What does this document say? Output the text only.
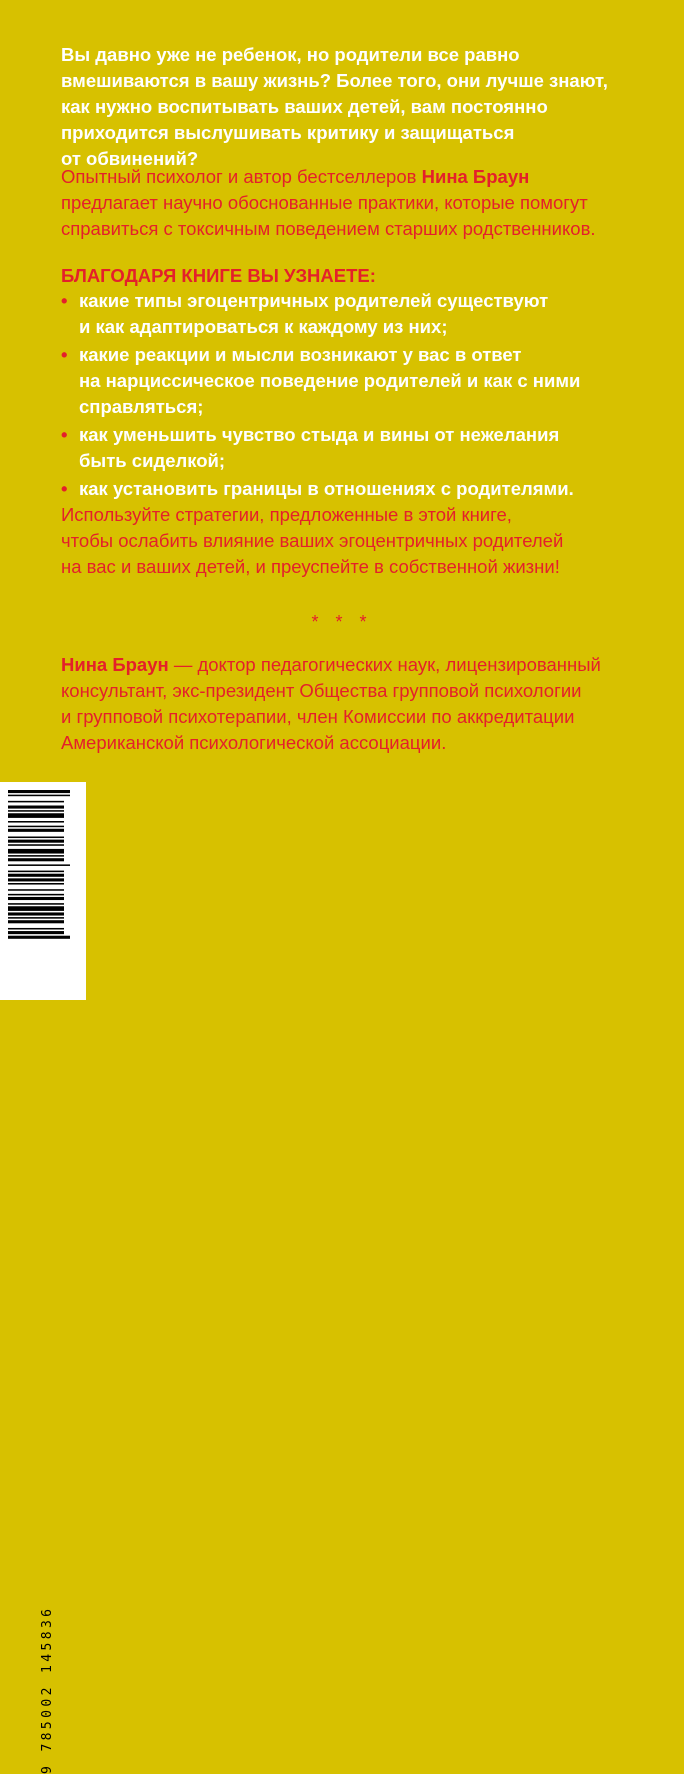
Вы давно уже не ребенок, но родители все равно
вмешиваются в вашу жизнь? Более того, они лучше знают,
как нужно воспитывать ваших детей, вам постоянно
приходится выслушивать критику и защищаться
от обвинений?
Опытный психолог и автор бестселлеров Нина Браун
предлагает научно обоснованные практики, которые помогут
справиться с токсичным поведением старших родственников.
БЛАГОДАРЯ КНИГЕ ВЫ УЗНАЕТЕ:
• какие типы эгоцентричных родителей существуют
и как адаптироваться к каждому из них;
• какие реакции и мысли возникают у вас в ответ
на нарциссическое поведение родителей и как с ними
справляться;
• как уменьшить чувство стыда и вины от нежелания
быть сиделкой;
• как установить границы в отношениях с родителями.
Используйте стратегии, предложенные в этой книге,
чтобы ослабить влияние ваших эгоцентричных родителей
на вас и ваших детей, и преуспейте в собственной жизни!
* * *
Нина Браун — доктор педагогических наук, лицензированный
консультант, экс-президент Общества групповой психологии
и групповой психотерапии, член Комиссии по аккредитации
Американской психологической ассоциации.
9 785002 145836
